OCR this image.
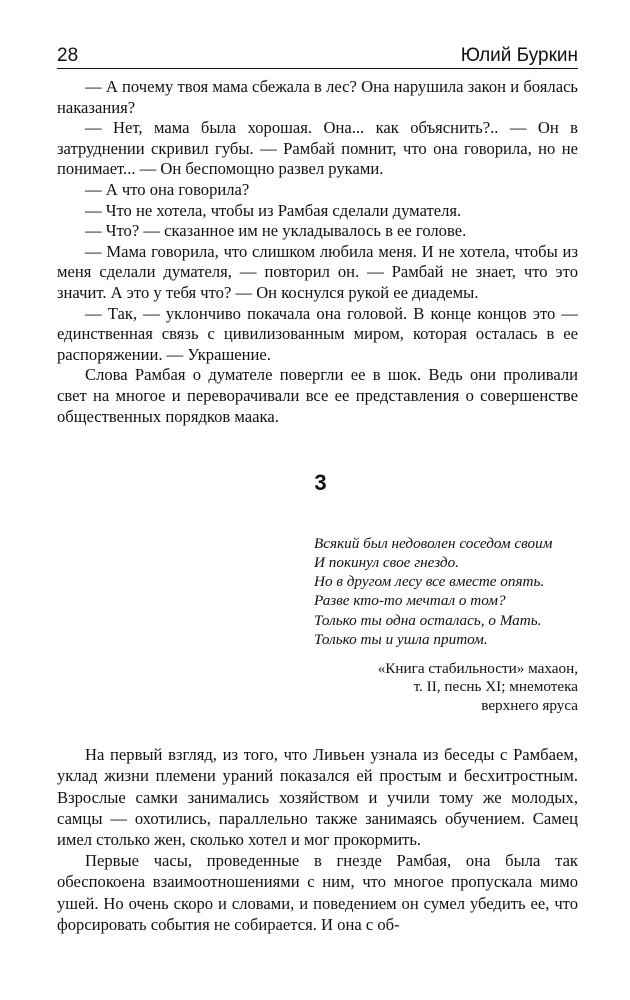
28	Юлий Буркин

— А почему твоя мама сбежала в лес? Она нарушила закон и боялась наказания?

— Нет, мама была хорошая. Она... как объяснить?.. — Он в затруднении скривил губы. — Рамбай помнит, что она говорила, но не понимает... — Он беспомощно развел руками.

— А что она говорила?

— Что не хотела, чтобы из Рамбая сделали думателя.

— Что? — сказанное им не укладывалось в ее голове.

— Мама говорила, что слишком любила меня. И не хотела, чтобы из меня сделали думателя, — повторил он. — Рамбай не знает, что это значит. А это у тебя что? — Он коснулся рукой ее диадемы.

— Так, — уклончиво покачала она головой. В конце концов это — единственная связь с цивилизованным миром, которая осталась в ее распоряжении. — Украшение.

Слова Рамбая о думателе повергли ее в шок. Ведь они проливали свет на многое и переворачивали все ее представления о совершенстве общественных порядков маака.

3
Всякий был недоволен соседом своим
И покинул свое гнездо.
Но в другом лесу все вместе опять.
Разве кто-то мечтал о том?
Только ты одна осталась, о Мать.
Только ты и ушла притом.
«Книга стабильности» махаон,
т. II, песнь XI; мнемотека
верхнего яруса

На первый взгляд, из того, что Ливьен узнала из беседы с Рамбаем, уклад жизни племени ураний показался ей простым и бесхитростным. Взрослые самки занимались хозяйством и учили тому же молодых, самцы — охотились, параллельно также занимаясь обучением. Самец имел столько жен, сколько хотел и мог прокормить.

Первые часы, проведенные в гнезде Рамбая, она была так обеспокоена взаимоотношениями с ним, что многое пропускала мимо ушей. Но очень скоро и словами, и поведением он сумел убедить ее, что форсировать события не собирается. И она с об-
